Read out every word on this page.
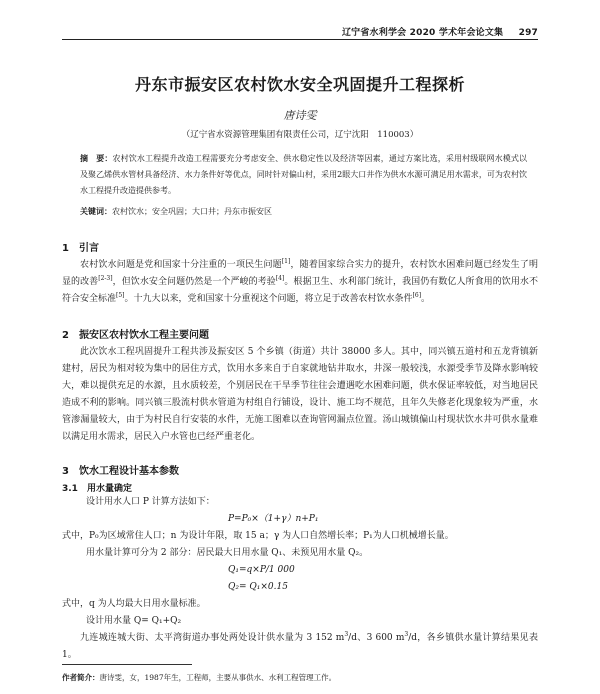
辽宁省水利学会 2020 学术年会论文集 297
丹东市振安区农村饮水安全巩固提升工程探析
唐诗雯
（辽宁省水资源管理集团有限责任公司，辽宁沈阳　110003）
摘　要：农村饮水工程提升改造工程需要充分考虑安全、供水稳定性以及经济等因素，通过方案比选，采用村级联网水模式以及聚乙烯供水管材具备经济、水力条件好等优点，同时针对偏山村，采用2眼大口井作为供水水源可满足用水需求，可为农村饮水工程提升改造提供参考。
关键词：农村饮水；安全巩固；大口井；丹东市振安区
1　引言

农村饮水问题是党和国家十分注重的一项民生问题[1]，随着国家综合实力的提升，农村饮水困难问题已经发生了明显的改善[2-3]，但饮水安全问题仍然是一个严峻的考验[4]。根据卫生、水利部门统计，我国仍有数亿人所食用的饮用水不符合安全标准[5]。十九大以来，党和国家十分重视这个问题，将立足于改善农村饮水条件[6]。

2　振安区农村饮水工程主要问题

此次饮水工程巩固提升工程共涉及振安区 5 个乡镇（街道）共计 38000 多人。其中，同兴镇五道村和五龙背镇新建村，居民为相对较为集中的居住方式，饮用水多来自于自家就地钻井取水，井深一般较浅，水源受季节及降水影响较大，难以提供充足的水源，且水质较差，个别居民在干旱季节往往会遭遇吃水困难问题，供水保证率较低，对当地居民造成不利的影响。同兴镇三股流村供水管道为村组自行铺设，设计、施工均不规范，且年久失修老化现象较为严重，水管渗漏量较大，由于为村民自行安装的水件，无施工图难以查询管网漏点位置。汤山城镇偏山村现状饮水井可供水量难以满足用水需求，居民入户水管也已经严重老化。

3　饮水工程设计基本参数
3.1　用水量确定
设计用水人口 P 计算方法如下：
P=P₀×（1+γ）n+P₁
式中，P₀为区域常住人口；n 为设计年限，取 15 a；γ 为人口自然增长率；P₁为人口机械增长量。
用水量计算可分为 2 部分：居民最大日用水量 Q₁、未预见用水量 Q₂。
Q₁=q×P/1 000
Q₂= Q₁×0.15
式中，q 为人均最大日用水量标准。
设计用水量 Q= Q₁+Q₂

九连城连城大街、太平湾街道办事处两处设计供水量为 3 152 $m^3/d$、3 600 $m^3/d$，各乡镇供水量计算结果见表 1。

作者简介：唐诗雯，女，1987年生，工程师，主要从事供水、水利工程管理工作。
